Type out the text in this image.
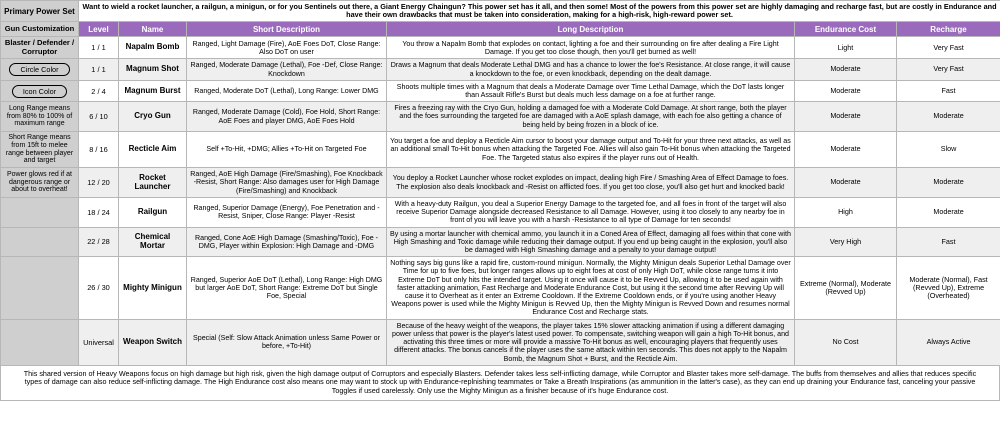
Primary Power Set	Want to wield a rocket launcher, a railgun, a minigun, or for you Sentinels out there, a Giant Energy Chaingun? This power set has it all, and then some! Most of the powers from this power set are highly damaging and recharge fast, but are costly in Endurance and have their own drawbacks that must be taken into consideration, making for a high-risk, high-reward power set.					
Gun Customization	Level	Name	Short Description	Long Description	Endurance Cost	Recharge
Blaster / Defender / Corruptor	1 / 1	Napalm Bomb	Ranged, Light Damage (Fire), AoE Foes DoT, Close Range: Also DoT on user	You throw a Napalm Bomb that explodes on contact, lighting a foe and their surrounding on fire after dealing a Fire Light Damage. If you get too close though, then you'll get burned as well!	Light	Very Fast
Circle Color	1 / 1	Magnum Shot	Ranged, Moderate Damage (Lethal), Foe -Def, Close Range: Knockdown	Draws a Magnum that deals Moderate Lethal DMG and has a chance to lower the foe's Resistance. At close range, it will cause a knockdown to the foe, or even knockback, depending on the dealt damage.	Moderate	Very Fast
Icon Color	2 / 4	Magnum Burst	Ranged, Moderate DoT (Lethal), Long Range: Lower DMG	Shoots multiple times with a Magnum that deals a Moderate Damage over Time Lethal Damage, which the DoT lasts longer than Assault Rifle's Burst but deals much less damage on a foe at further range.	Moderate	Fast
Long Range means from 80% to 100% of maximum range	6 / 10	Cryo Gun	Ranged, Moderate Damage (Cold), Foe Hold, Short Range: AoE Foes and player DMG, AoE Foes Hold	Fires a freezing ray with the Cryo Gun, holding a damaged foe with a Moderate Cold Damage. At short range, both the player and the foes surrounding the targeted foe are damaged with a AoE splash damage, with each foe also getting a chance of being held by being frozen in a block of ice.	Moderate	Moderate
Short Range means from 15ft to melee range between player and target	8 / 16	Recticle Aim	Self +To-Hit, +DMG; Allies +To-Hit on Targeted Foe	You target a foe and deploy a Recticle Aim cursor to boost your damage output and To-Hit for your three next attacks, as well as an additional small To-Hit bonus when attacking the Targeted Foe. Allies will also gain To-Hit bonus when attacking the Targeted Foe. The Targeted status also expires if the player runs out of Health.	Moderate	Slow
Power glows red if at dangerous range or about to overheat!	12 / 20	Rocket Launcher	Ranged, AoE High Damage (Fire/Smashing), Foe Knockback -Resist, Short Range: Also damages user for High Damage (Fire/Smashing) and Knockback	You deploy a Rocket Launcher whose rocket explodes on impact, dealing high Fire / Smashing Area of Effect Damage to foes. The explosion also deals knockback and -Resist on afflicted foes. If you get too close, you'll also get hurt and knocked back!	Moderate	Moderate
	18 / 24	Railgun	Ranged, Superior Damage (Energy), Foe Penetration and -Resist, Sniper, Close Range: Player -Resist	With a heavy-duty Railgun, you deal a Superior Energy Damage to the targeted foe, and all foes in front of the target will also receive Superior Damage alongside decreased Resistance to all Damage. However, using it too closely to any nearby foe in front of you will leave you with a harsh -Resistance to all type of Damage for ten seconds!	High	Moderate
	22 / 28	Chemical Mortar	Ranged, Cone AoE High Damage (Smashing/Toxic), Foe -DMG, Player within Explosion: High Damage and -DMG	By using a mortar launcher with chemical ammo, you launch it in a Coned Area of Effect, damaging all foes within that cone with High Smashing and Toxic damage while reducing their damage output. If you end up being caught in the explosion, you'll also be damaged with High Smashing damage and a penalty to your damage output!	Very High	Fast
	26 / 30	Mighty Minigun	Ranged, Superior AoE DoT (Lethal), Long Range: High DMG but larger AoE DoT, Short Range: Extreme DoT but Single Foe, Special	Nothing says big guns like a rapid fire, custom-round minigun. Normally, the Mighty Minigun deals Superior Lethal Damage over Time for up to five foes, but longer ranges allows up to eight foes at cost of only High DoT, while close range turns it into Extreme DoT but only hits the intended target. Using it once will cause it to be Revved Up, allowing it to be used again with faster attacking animation, Fast Recharge and Moderate Endurance Cost, but using it the second time after Revving Up will cause it to Overheat as it enter an Extreme Cooldown. If the Extreme Cooldown ends, or if you're using another Heavy Weapons power is used while the Mighty Minigun is Revved Up, then the Mighty Minigun is Revved Down and resumes normal Endurance Cost and Recharge stats.	Extreme (Normal), Moderate (Revved Up)	Moderate (Normal), Fast (Revved Up), Extreme (Overheated)
	Universal	Weapon Switch	Special (Self: Slow Attack Animation unless Same Power or before, +To-Hit)	Because of the heavy weight of the weapons, the player takes 15% slower attacking animation if using a different damaging power unless that power is the player's latest used power. To compensate, switching weapon will gain a high To-Hit bonus, and activating this three times or more will provide a massive To-Hit bonus as well, encouraging players that frequently uses different attacks. The bonus cancels if the player uses the same attack within ten seconds. This does not apply to the Napalm Bomb, the Magnum Shot + Burst, and the Recticle Aim.	No Cost	Always Active
This shared version of Heavy Weapons focus on high damage but high risk, given the high damage output of Corruptors and especially Blasters. Defender takes less self-inflicting damage, while Corruptor and Blaster takes more self-damage. The buffs from themselves and allies that reduces specific types of damage can also reduce self-inflicting damage. The High Endurance cost also means one may want to stock up with Endurance-replnishing teammates or Take a Breath Inspirations (as ammunition in the latter's case), as they can end up draining your Endurance fast, canceling your passive Toggles if used carelessly. Only use the Mighty Minigun as a finisher because of it's huge Endurance cost.
